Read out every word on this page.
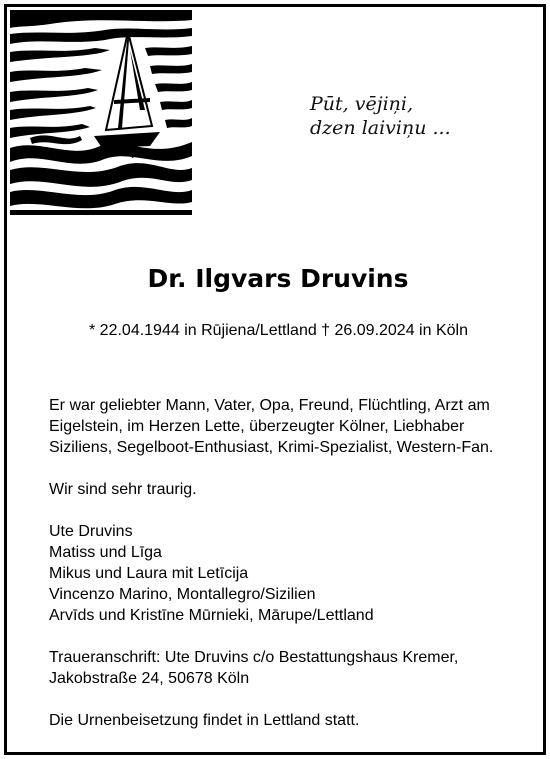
Pūt, vējiņi,
dzen laiviņu ...
Dr. Ilgvars Druvins
* 22.04.1944 in Rūjiena/Lettland † 26.09.2024 in Köln

Er war geliebter Mann, Vater, Opa, Freund, Flüchtling, Arzt am

Eigelstein, im Herzen Lette, überzeugter Kölner, Liebhaber

Siziliens, Segelboot-Enthusiast, Krimi-Spezialist, Western-Fan.

Wir sind sehr traurig.

Ute Druvins

Matiss und Līga

Mikus und Laura mit Letīcija

Vincenzo Marino, Montallegro/Sizilien

Arvīds und Kristīne Mūrnieki, Mārupe/Lettland

Traueranschrift: Ute Druvins c/o Bestattungshaus Kremer,

Jakobstraße 24, 50678 Köln

Die Urnenbeisetzung findet in Lettland statt.
